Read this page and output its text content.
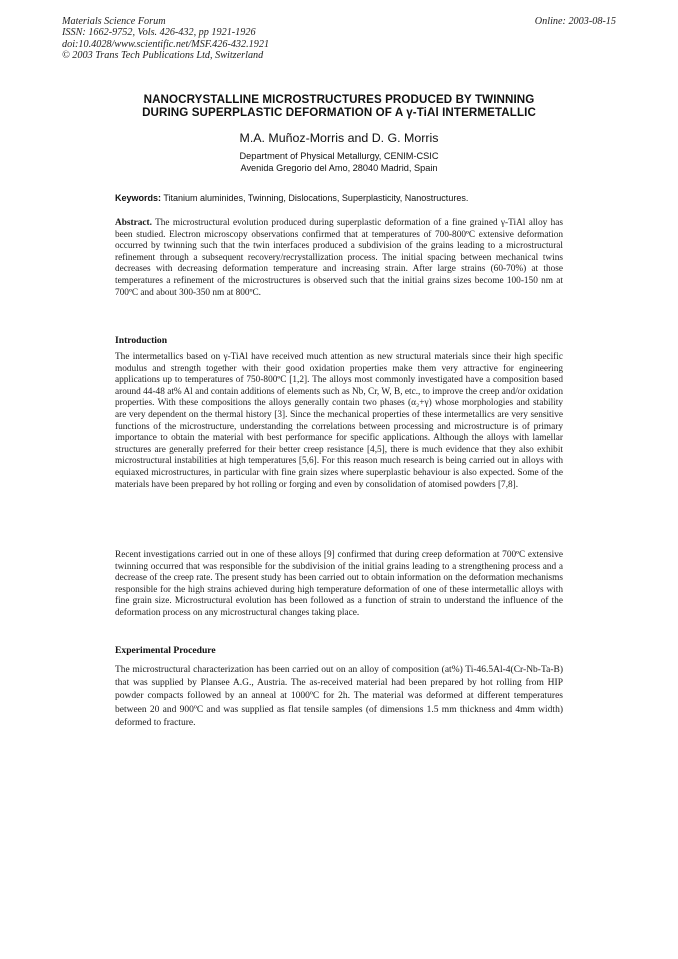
Materials Science Forum
ISSN: 1662-9752, Vols. 426-432, pp 1921-1926
doi:10.4028/www.scientific.net/MSF.426-432.1921
© 2003 Trans Tech Publications Ltd, Switzerland
Online: 2003-08-15
NANOCRYSTALLINE MICROSTRUCTURES PRODUCED BY TWINNING
DURING SUPERPLASTIC DEFORMATION OF A γ-TiAl INTERMETALLIC
M.A. Muñoz-Morris and D. G. Morris
Department of Physical Metallurgy, CENIM-CSIC
Avenida Gregorio del Amo, 28040 Madrid, Spain
Keywords: Titanium aluminides, Twinning, Dislocations, Superplasticity, Nanostructures.

Abstract. The microstructural evolution produced during superplastic deformation of a fine grained γ-TiAl alloy has been studied. Electron microscopy observations confirmed that at temperatures of 700-800ºC extensive deformation occurred by twinning such that the twin interfaces produced a subdivision of the grains leading to a microstructural refinement through a subsequent recovery/recrystallization process. The initial spacing between mechanical twins decreases with decreasing deformation temperature and increasing strain. After large strains (60-70%) at those temperatures a refinement of the microstructures is observed such that the initial grains sizes become 100-150 nm at 700ºC and about 300-350 nm at 800ºC.

Introduction

The intermetallics based on γ-TiAl have received much attention as new structural materials since their high specific modulus and strength together with their good oxidation properties make them very attractive for engineering applications up to temperatures of 750-800ºC [1,2]. The alloys most commonly investigated have a composition based around 44-48 at% Al and contain additions of elements such as Nb, Cr, W, B, etc., to improve the creep and/or oxidation properties. With these compositions the alloys generally contain two phases (α₂+γ) whose morphologies and stability are very dependent on the thermal history [3]. Since the mechanical properties of these intermetallics are very sensitive functions of the microstructure, understanding the correlations between processing and microstructure is of primary importance to obtain the material with best performance for specific applications. Although the alloys with lamellar structures are generally preferred for their better creep resistance [4,5], there is much evidence that they also exhibit microstructural instabilities at high temperatures [5,6]. For this reason much research is being carried out in alloys with equiaxed microstructures, in particular with fine grain sizes where superplastic behaviour is also expected. Some of the materials have been prepared by hot rolling or forging and even by consolidation of atomised powders [7,8].

Recent investigations carried out in one of these alloys [9] confirmed that during creep deformation at 700ºC extensive twinning occurred that was responsible for the subdivision of the initial grains leading to a strengthening process and a decrease of the creep rate. The present study has been carried out to obtain information on the deformation mechanisms responsible for the high strains achieved during high temperature deformation of one of these intermetallic alloys with fine grain size. Microstructural evolution has been followed as a function of strain to understand the influence of the deformation process on any microstructural changes taking place.

Experimental Procedure

The microstructural characterization has been carried out on an alloy of composition (at%) Ti-46.5Al-4(Cr-Nb-Ta-B) that was supplied by Plansee A.G., Austria. The as-received material had been prepared by hot rolling from HIP powder compacts followed by an anneal at 1000ºC for 2h. The material was deformed at different temperatures between 20 and 900ºC and was supplied as flat tensile samples (of dimensions 1.5 mm thickness and 4mm width) deformed to fracture.
